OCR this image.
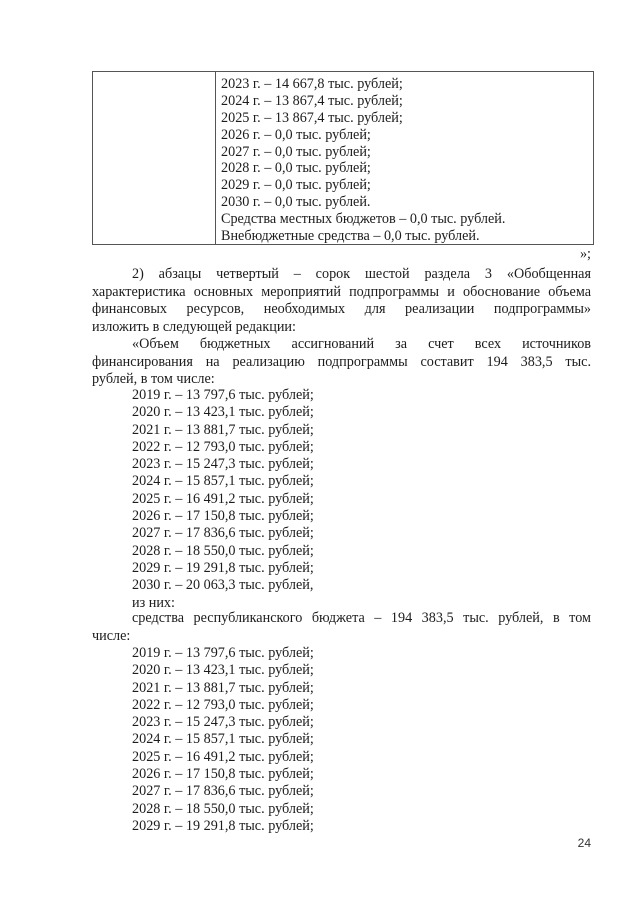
2023 г. – 14 667,8 тыс. рублей;
2024 г. – 13 867,4 тыс. рублей;
2025 г. – 13 867,4 тыс. рублей;
2026 г. – 0,0 тыс. рублей;
2027 г. – 0,0 тыс. рублей;
2028 г. – 0,0 тыс. рублей;
2029 г. – 0,0 тыс. рублей;
2030 г. – 0,0 тыс. рублей.
Средства местных бюджетов – 0,0 тыс. рублей.
Внебюджетные средства – 0,0 тыс. рублей.
»;
2) абзацы четвертый – сорок шестой раздела 3 «Обобщенная
характеристика основных мероприятий подпрограммы и обоснование объема
финансовых ресурсов, необходимых для реализации подпрограммы»
изложить в следующей редакции:
«Объем бюджетных ассигнований за счет всех источников
финансирования на реализацию подпрограммы составит 194 383,5 тыс.
рублей, в том числе:
2019 г. – 13 797,6 тыс. рублей;
2020 г. – 13 423,1 тыс. рублей;
2021 г. – 13 881,7 тыс. рублей;
2022 г. – 12 793,0 тыс. рублей;
2023 г. – 15 247,3 тыс. рублей;
2024 г. – 15 857,1 тыс. рублей;
2025 г. – 16 491,2 тыс. рублей;
2026 г. – 17 150,8 тыс. рублей;
2027 г. – 17 836,6 тыс. рублей;
2028 г. – 18 550,0 тыс. рублей;
2029 г. – 19 291,8 тыс. рублей;
2030 г. – 20 063,3 тыс. рублей,
из них:
средства республиканского бюджета – 194 383,5 тыс. рублей, в том
числе:
2019 г. – 13 797,6 тыс. рублей;
2020 г. – 13 423,1 тыс. рублей;
2021 г. – 13 881,7 тыс. рублей;
2022 г. – 12 793,0 тыс. рублей;
2023 г. – 15 247,3 тыс. рублей;
2024 г. – 15 857,1 тыс. рублей;
2025 г. – 16 491,2 тыс. рублей;
2026 г. – 17 150,8 тыс. рублей;
2027 г. – 17 836,6 тыс. рублей;
2028 г. – 18 550,0 тыс. рублей;
2029 г. – 19 291,8 тыс. рублей;
24
